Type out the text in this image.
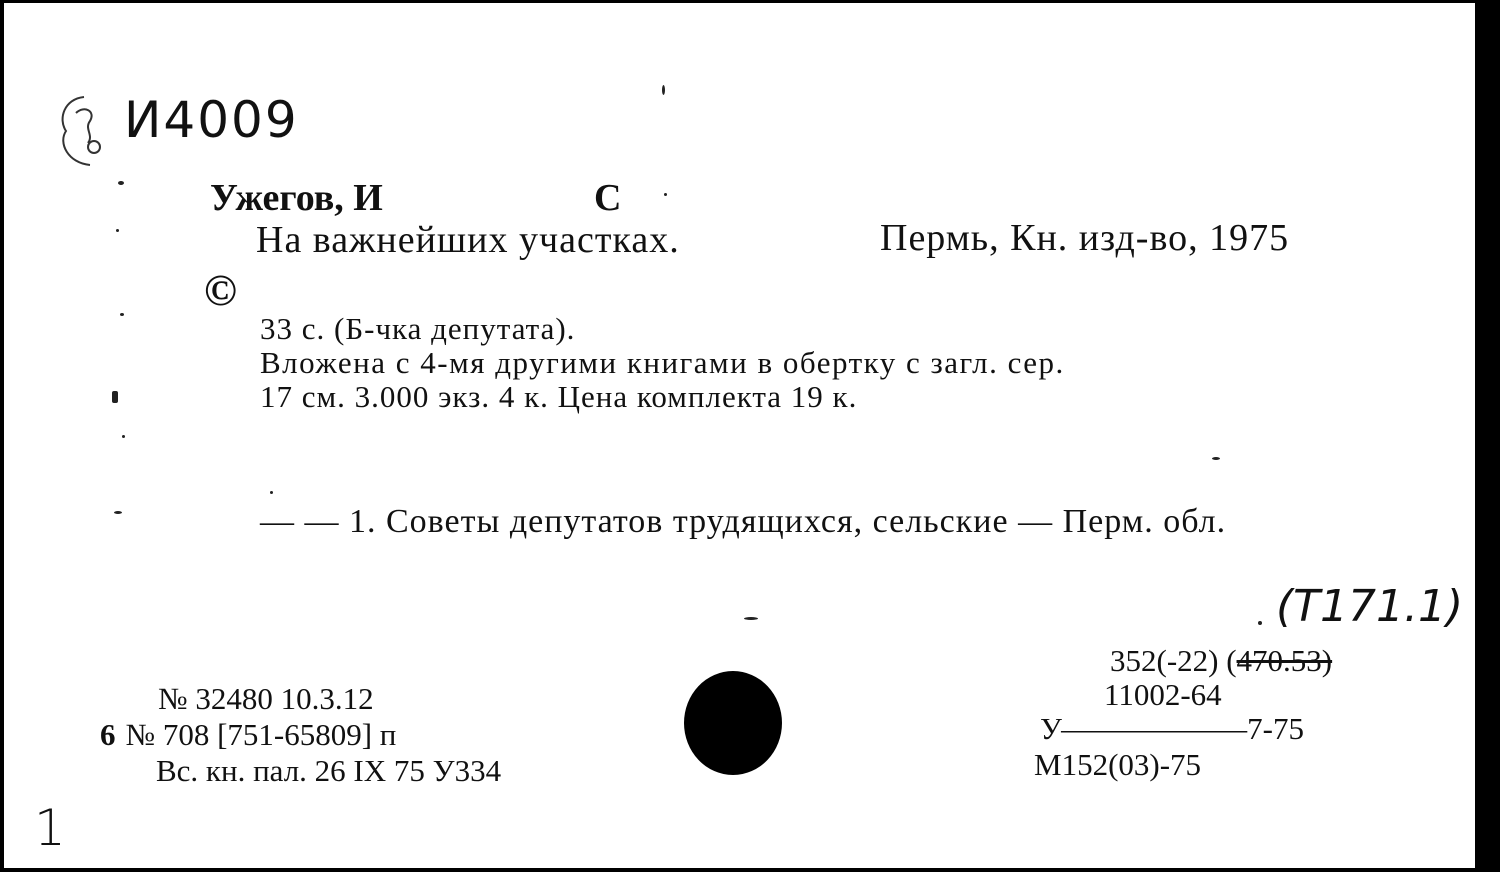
И4009
Ужегов, И	С
На важнейших участках.	Пермь, Кн. изд-во, 1975
©
33 с. (Б-чка депутата).
Вложена с 4-мя другими книгами в обертку с загл. сер.
17 см. 3.000 экз. 4 к. Цена комплекта 19 к.
— — 1. Советы депутатов трудящихся, сельские — Перм. обл.
(Т171.1)
352(-22) (470.53)
11002-64
У——————7-75
М152(03)-75
№ 32480 10.3.12
6 № 708 [751-65809] п
Вс. кн. пал. 26 IX 75 У334
1
